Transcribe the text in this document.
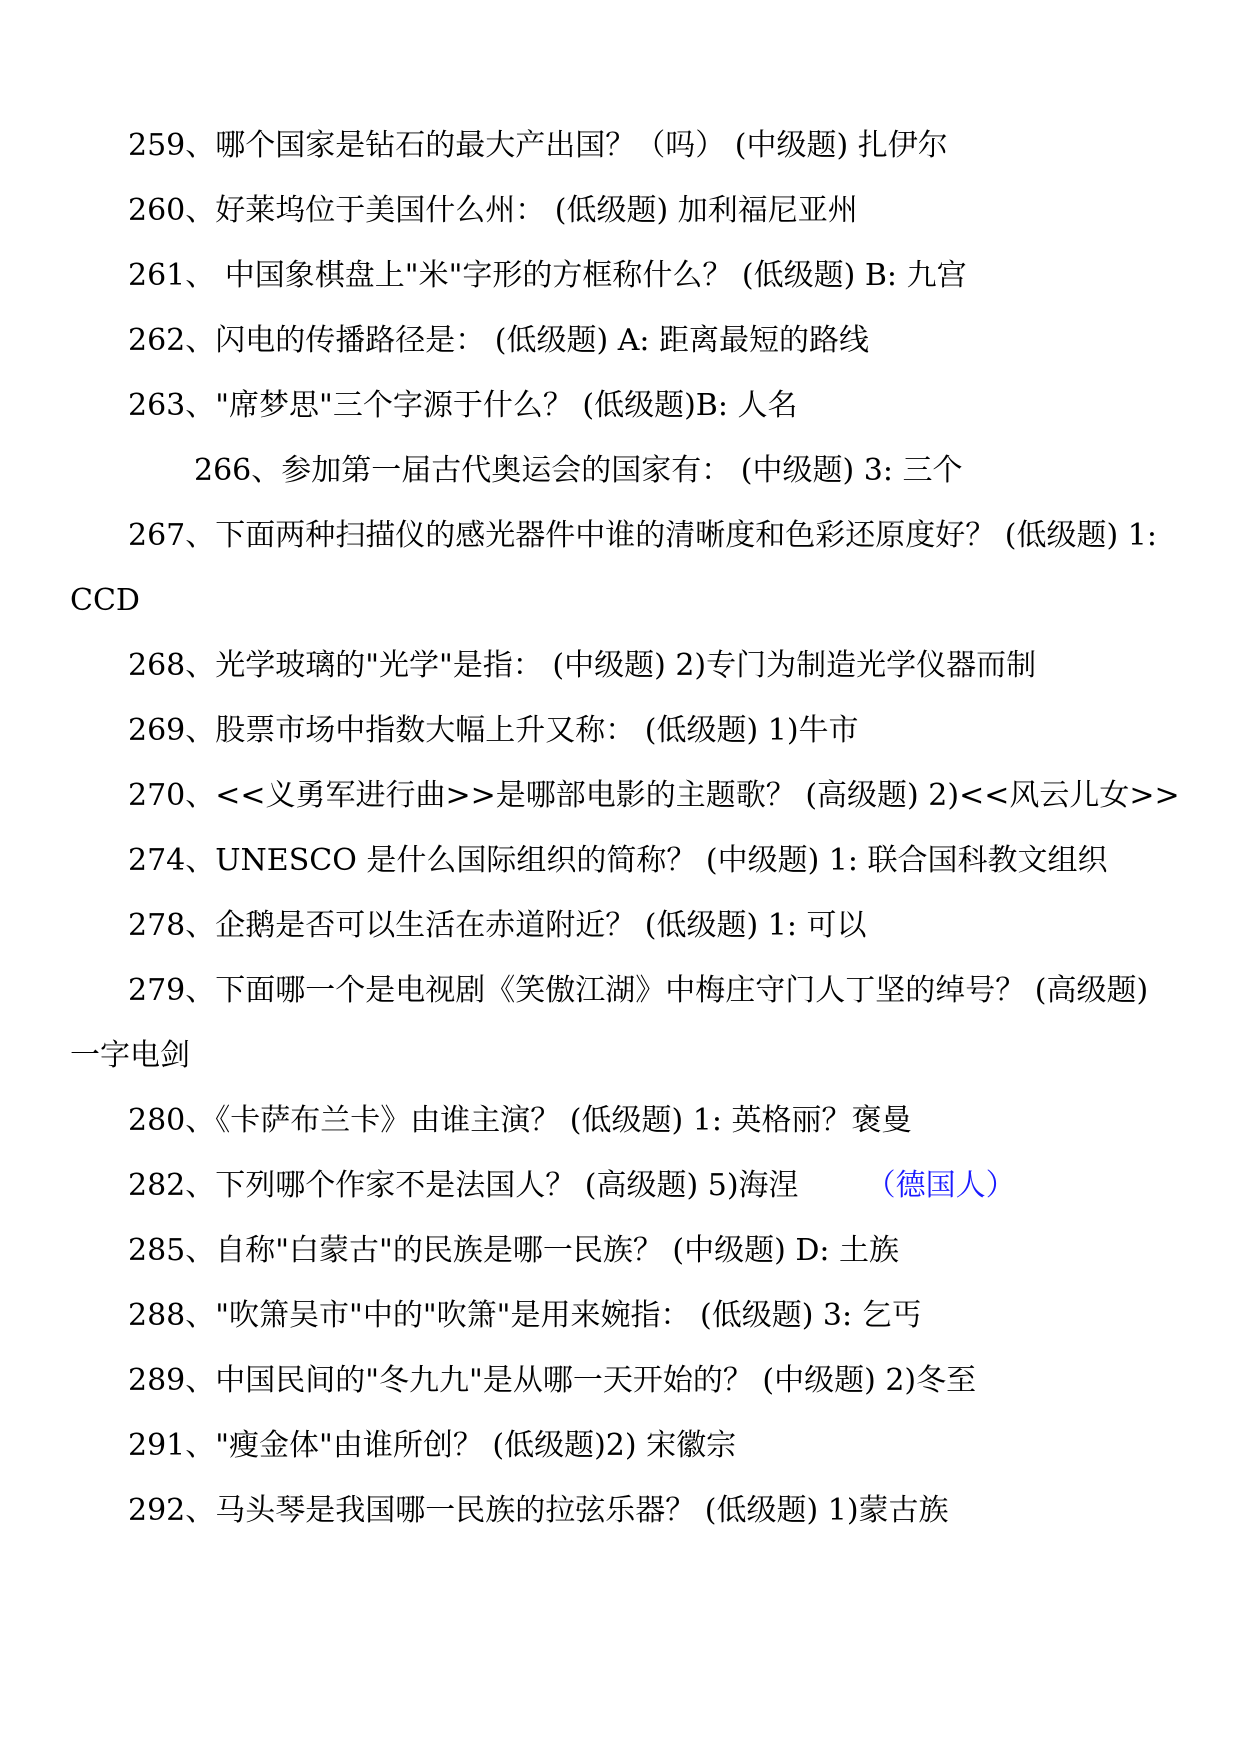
259、哪个国家是钻石的最大产出国？（吗） (中级题) 扎伊尔

260、好莱坞位于美国什么州： (低级题) 加利福尼亚州

261、 中国象棋盘上"米"字形的方框称什么？ (低级题) B: 九宫

262、闪电的传播路径是： (低级题) A: 距离最短的路线

263、"席梦思"三个字源于什么？ (低级题)B: 人名

266、参加第一届古代奥运会的国家有： (中级题) 3: 三个

267、下面两种扫描仪的感光器件中谁的清晰度和色彩还原度好？ (低级题) 1: CCD

268、光学玻璃的"光学"是指： (中级题) 2)专门为制造光学仪器而制

269、股票市场中指数大幅上升又称： (低级题) 1)牛市

270、<<义勇军进行曲>>是哪部电影的主题歌？ (高级题) 2)<<风云儿女>>

274、UNESCO 是什么国际组织的简称？ (中级题) 1: 联合国科教文组织

278、企鹅是否可以生活在赤道附近？ (低级题) 1: 可以

279、下面哪一个是电视剧《笑傲江湖》中梅庄守门人丁坚的绰号？ (高级题) 一字电剑

280、《卡萨布兰卡》由谁主演？ (低级题) 1: 英格丽？褒曼

282、下列哪个作家不是法国人？ (高级题) 5)海涅 （德国人）

285、自称"白蒙古"的民族是哪一民族？ (中级题) D: 土族

288、"吹箫吴市"中的"吹箫"是用来婉指： (低级题) 3: 乞丐

289、中国民间的"冬九九"是从哪一天开始的？ (中级题) 2)冬至

291、"瘦金体"由谁所创？ (低级题)2) 宋徽宗

292、马头琴是我国哪一民族的拉弦乐器？ (低级题) 1)蒙古族
